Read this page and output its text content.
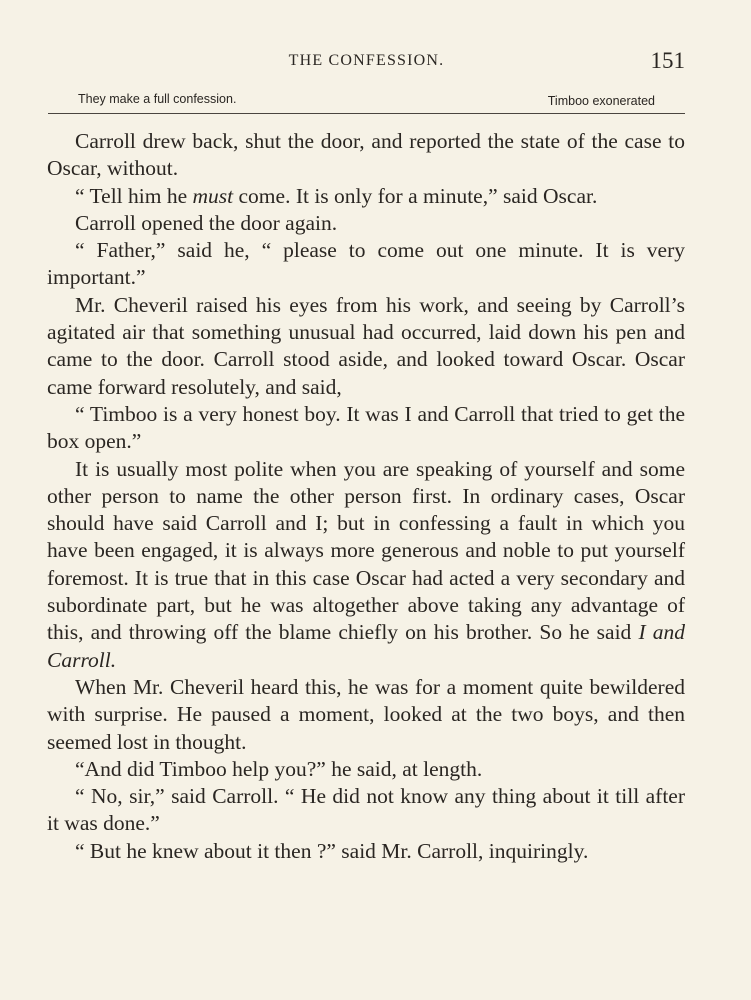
THE CONFESSION.	151
They make a full confession.	Timboo exonerated

Carroll drew back, shut the door, and reported the state of the case to Oscar, without.

“ Tell him he must come. It is only for a minute,” said Oscar.

Carroll opened the door again.

“ Father,” said he, “ please to come out one minute. It is very important.”

Mr. Cheveril raised his eyes from his work, and seeing by Carroll’s agitated air that something unusual had occurred, laid down his pen and came to the door. Carroll stood aside, and looked toward Oscar. Oscar came forward resolutely, and said,

“ Timboo is a very honest boy. It was I and Carroll that tried to get the box open.”

It is usually most polite when you are speaking of yourself and some other person to name the other person first. In ordinary cases, Oscar should have said Carroll and I; but in confessing a fault in which you have been engaged, it is always more generous and noble to put yourself foremost. It is true that in this case Oscar had acted a very secondary and subordinate part, but he was altogether above taking any advantage of this, and throwing off the blame chiefly on his brother. So he said I and Carroll.

When Mr. Cheveril heard this, he was for a moment quite bewildered with surprise. He paused a moment, looked at the two boys, and then seemed lost in thought.

“And did Timboo help you?” he said, at length.

“ No, sir,” said Carroll. “ He did not know any thing about it till after it was done.”

“ But he knew about it then ?” said Mr. Carroll, inquiringly.
